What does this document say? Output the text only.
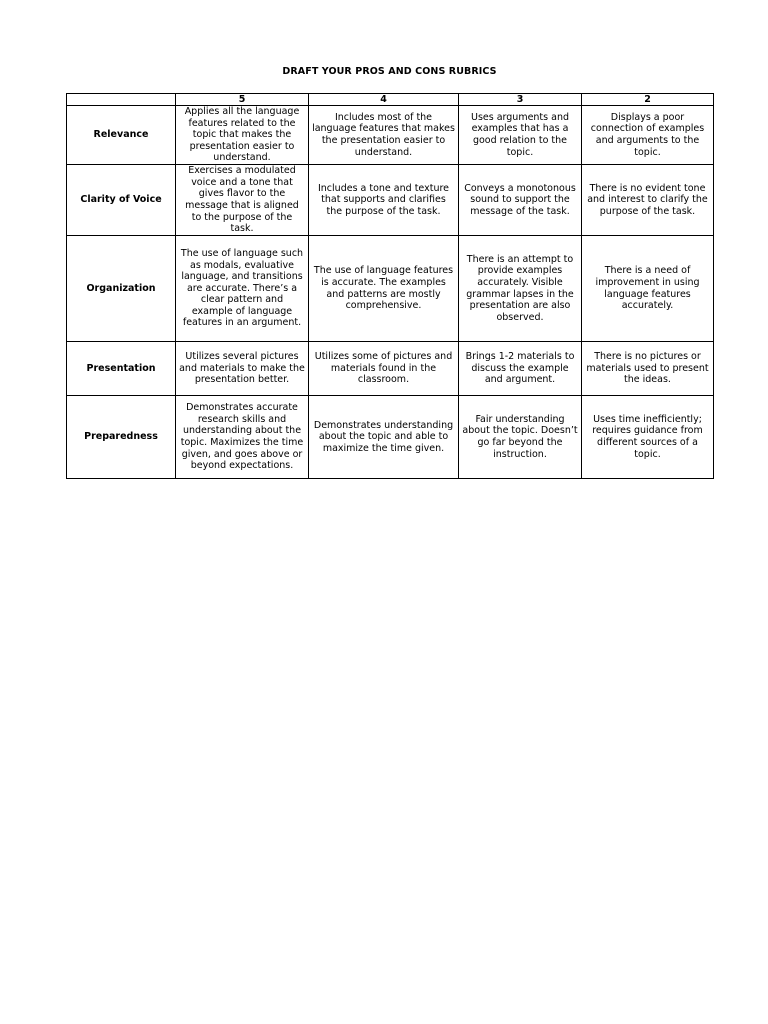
DRAFT YOUR PROS AND CONS RUBRICS
	5	4	3	2
Relevance	Applies all the language features related to the topic that makes the presentation easier to understand.	Includes most of the language features that makes the presentation easier to understand.	Uses arguments and examples that has a good relation to the topic.	Displays a poor connection of examples and arguments to the topic.
Clarity of Voice	Exercises a modulated voice and a tone that gives flavor to the message that is aligned to the purpose of the task.	Includes a tone and texture that supports and clarifies the purpose of the task.	Conveys a monotonous sound to support the message of the task.	There is no evident tone and interest to clarify the purpose of the task.
Organization	The use of language such as modals, evaluative language, and transitions are accurate. There’s a clear pattern and example of language features in an argument.	The use of language features is accurate. The examples and patterns are mostly comprehensive.	There is an attempt to provide examples accurately. Visible grammar lapses in the presentation are also observed.	There is a need of improvement in using language features accurately.
Presentation	Utilizes several pictures and materials to make the presentation better.	Utilizes some of pictures and materials found in the classroom.	Brings 1-2 materials to discuss the example and argument.	There is no pictures or materials used to present the ideas.
Preparedness	Demonstrates accurate research skills and understanding about the topic. Maximizes the time given, and goes above or beyond expectations.	Demonstrates understanding about the topic and able to maximize the time given.	Fair understanding about the topic. Doesn’t go far beyond the instruction.	Uses time inefficiently; requires guidance from different sources of a topic.
